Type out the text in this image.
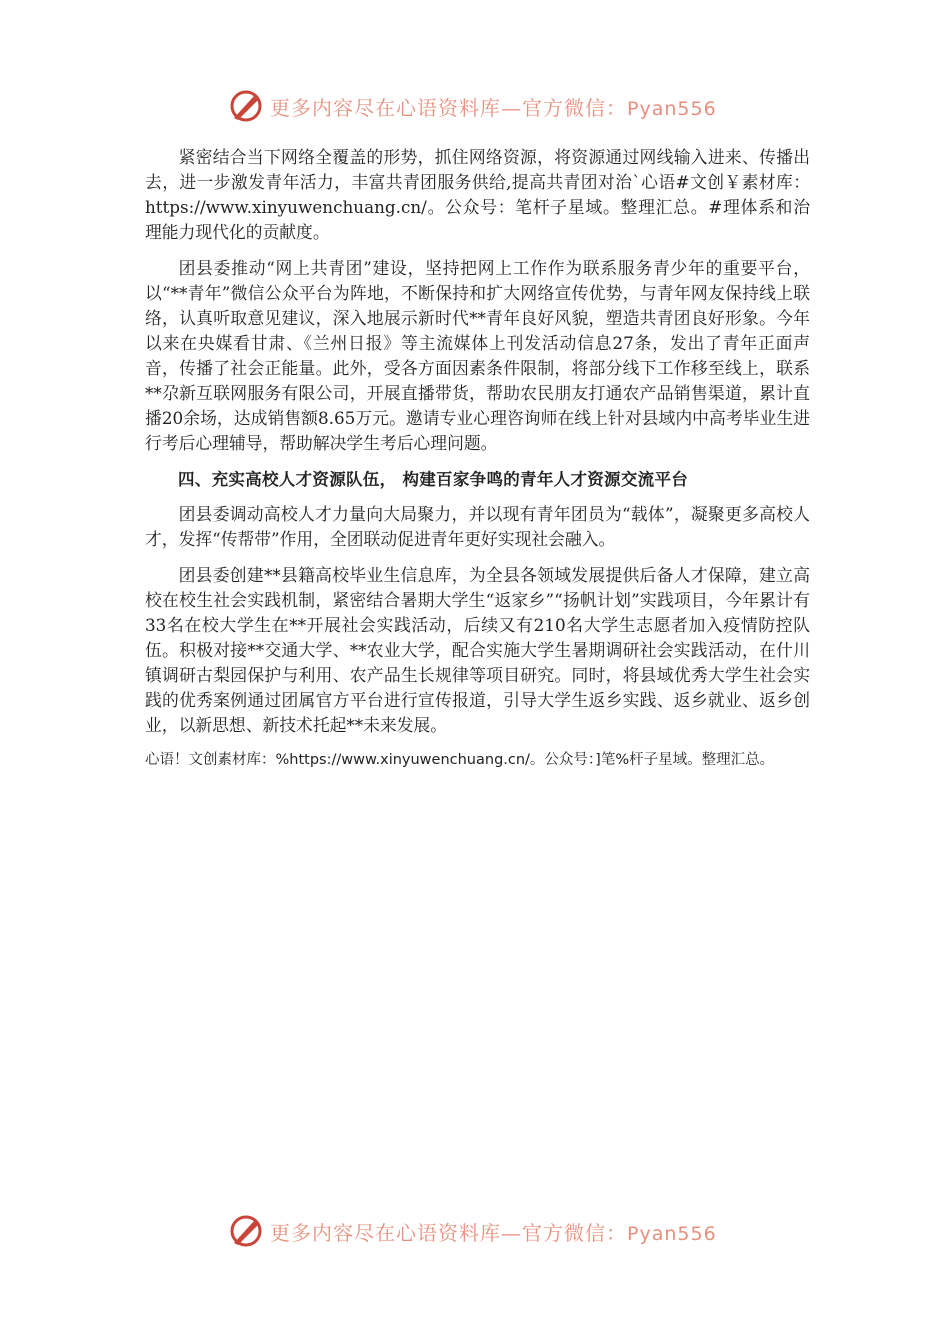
更多内容尽在心语资料库—官方微信：Pyan556

紧密结合当下网络全覆盖的形势，抓住网络资源，将资源通过网线输入进来、传播出去，进一步激发青年活力，丰富共青团服务供给,提高共青团对治`心语#文创￥素材库：https://www.xinyuwenchuang.cn/。公众号：笔杆子星域。整理汇总。#理体系和治理能力现代化的贡献度。

团县委推动“网上共青团”建设，坚持把网上工作作为联系服务青少年的重要平台，以“**青年”微信公众平台为阵地，不断保持和扩大网络宣传优势，与青年网友保持线上联络，认真听取意见建议，深入地展示新时代**青年良好风貌，塑造共青团良好形象。今年以来在央媒看甘肃、《兰州日报》等主流媒体上刊发活动信息27条，发出了青年正面声音，传播了社会正能量。此外，受各方面因素条件限制，将部分线下工作移至线上，联系**尕新互联网服务有限公司，开展直播带货，帮助农民朋友打通农产品销售渠道，累计直播20余场，达成销售额8.65万元。邀请专业心理咨询师在线上针对县域内中高考毕业生进行考后心理辅导，帮助解决学生考后心理问题。

四、充实高校人才资源队伍， 构建百家争鸣的青年人才资源交流平台

团县委调动高校人才力量向大局聚力，并以现有青年团员为“载体”，凝聚更多高校人才，发挥“传帮带”作用，全团联动促进青年更好实现社会融入。

团县委创建**县籍高校毕业生信息库，为全县各领域发展提供后备人才保障，建立高校在校生社会实践机制，紧密结合暑期大学生“返家乡”“扬帆计划”实践项目，今年累计有33名在校大学生在**开展社会实践活动，后续又有210名大学生志愿者加入疫情防控队伍。积极对接**交通大学、**农业大学，配合实施大学生暑期调研社会实践活动，在什川镇调研古梨园保护与利用、农产品生长规律等项目研究。同时，将县域优秀大学生社会实践的优秀案例通过团属官方平台进行宣传报道，引导大学生返乡实践、返乡就业、返乡创业，以新思想、新技术托起**未来发展。

心语！文创素材库：%https://www.xinyuwenchuang.cn/。公众号：]笔%杆子星域。整理汇总。

更多内容尽在心语资料库—官方微信：Pyan556
